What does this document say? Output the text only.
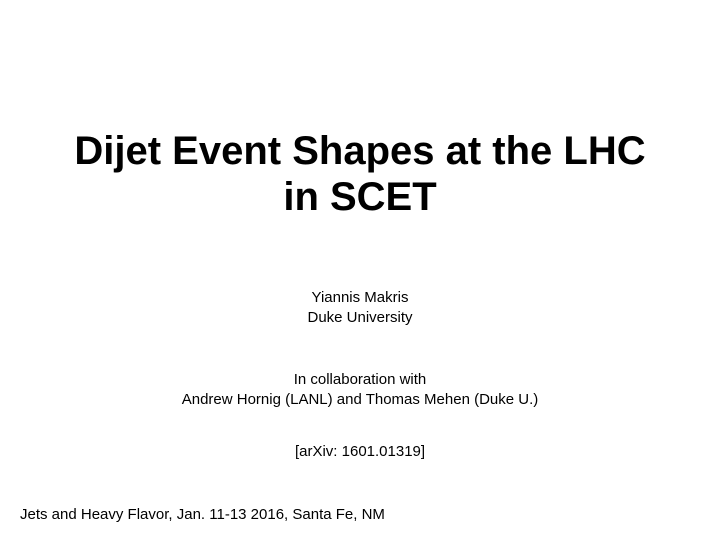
Dijet Event Shapes at the LHC
in SCET
Yiannis Makris
Duke University
In collaboration with
Andrew Hornig (LANL) and Thomas Mehen (Duke U.)
[arXiv: 1601.01319]
Jets and Heavy Flavor, Jan. 11-13 2016, Santa Fe, NM
